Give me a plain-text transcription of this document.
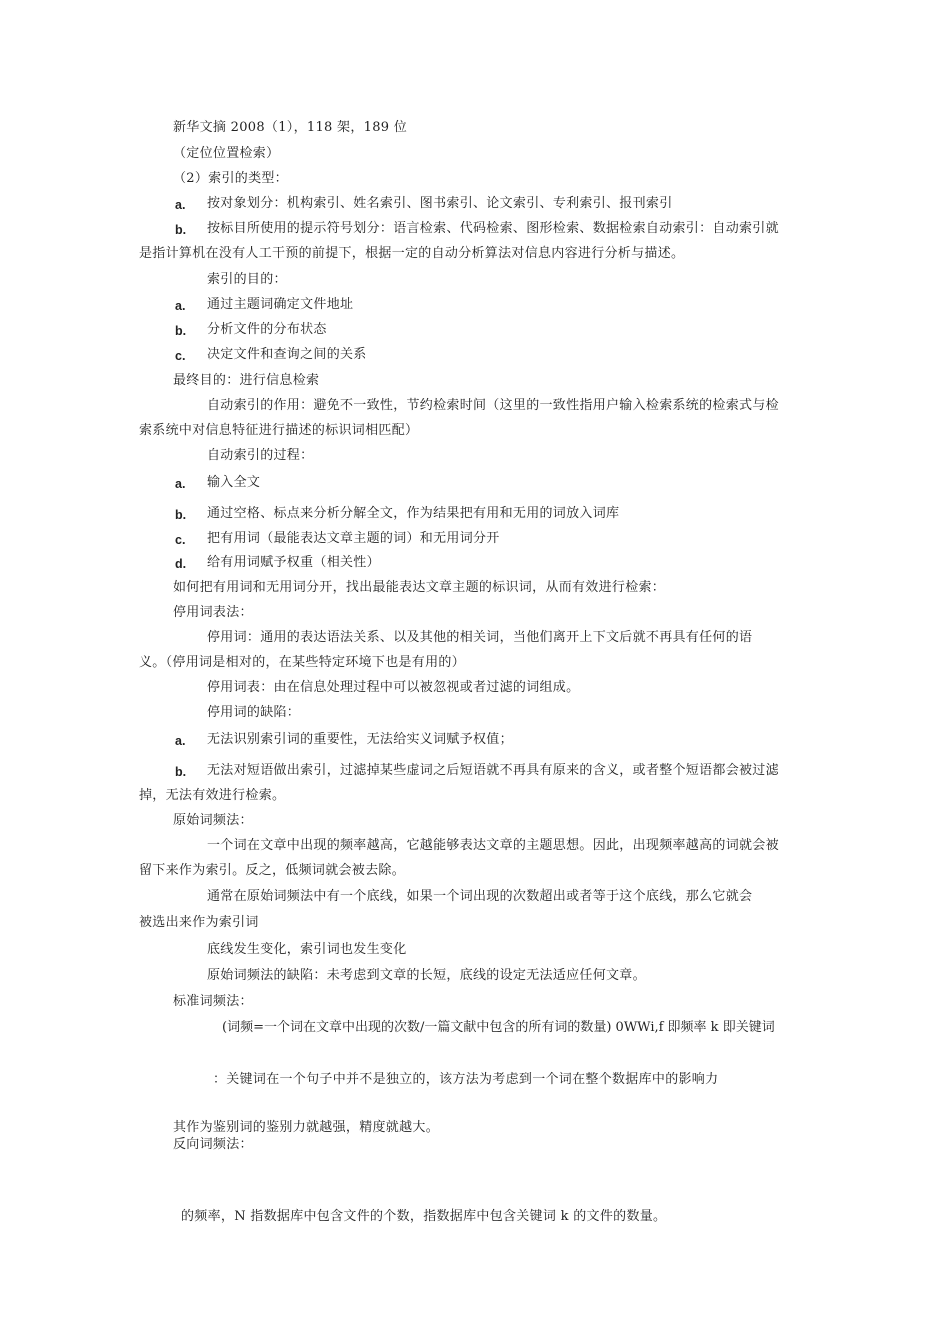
新华文摘 2008（1），118 架，189 位
（定位位置检索）
（2）索引的类型：
a. 按对象划分：机构索引、姓名索引、图书索引、论文索引、专利索引、报刊索引
b. 按标目所使用的提示符号划分：语言检索、代码检索、图形检索、数据检索自动索引：自动索引就
是指计算机在没有人工干预的前提下，根据一定的自动分析算法对信息内容进行分析与描述。
索引的目的：
a. 通过主题词确定文件地址
b. 分析文件的分布状态
c. 决定文件和查询之间的关系
最终目的：进行信息检索
自动索引的作用：避免不一致性，节约检索时间（这里的一致性指用户输入检索系统的检索式与检
索系统中对信息特征进行描述的标识词相匹配）
自动索引的过程：
a. 输入全文
b. 通过空格、标点来分析分解全文，作为结果把有用和无用的词放入词库
c. 把有用词（最能表达文章主题的词）和无用词分开
d. 给有用词赋予权重（相关性）
如何把有用词和无用词分开，找出最能表达文章主题的标识词，从而有效进行检索：
停用词表法：
停用词：通用的表达语法关系、以及其他的相关词，当他们离开上下文后就不再具有任何的语
义。（停用词是相对的，在某些特定环境下也是有用的）
停用词表：由在信息处理过程中可以被忽视或者过滤的词组成。
停用词的缺陷：
a. 无法识别索引词的重要性，无法给实义词赋予权值；
b. 无法对短语做出索引，过滤掉某些虚词之后短语就不再具有原来的含义，或者整个短语都会被过滤
掉，无法有效进行检索。
原始词频法：
一个词在文章中出现的频率越高，它越能够表达文章的主题思想。因此，出现频率越高的词就会被
留下来作为索引。反之，低频词就会被去除。
通常在原始词频法中有一个底线，如果一个词出现的次数超出或者等于这个底线，那么它就会
被选出来作为索引词
底线发生变化，索引词也发生变化
原始词频法的缺陷：未考虑到文章的长短，底线的设定无法适应任何文章。
标准词频法：
(词频=一个词在文章中出现的次数/一篇文献中包含的所有词的数量) 0WWi,f 即频率 k 即关键词
：关键词在一个句子中并不是独立的，该方法为考虑到一个词在整个数据库中的影响力
其作为鉴别词的鉴别力就越强，精度就越大。
反向词频法：
的频率，N 指数据库中包含文件的个数，指数据库中包含关键词 k 的文件的数量。
